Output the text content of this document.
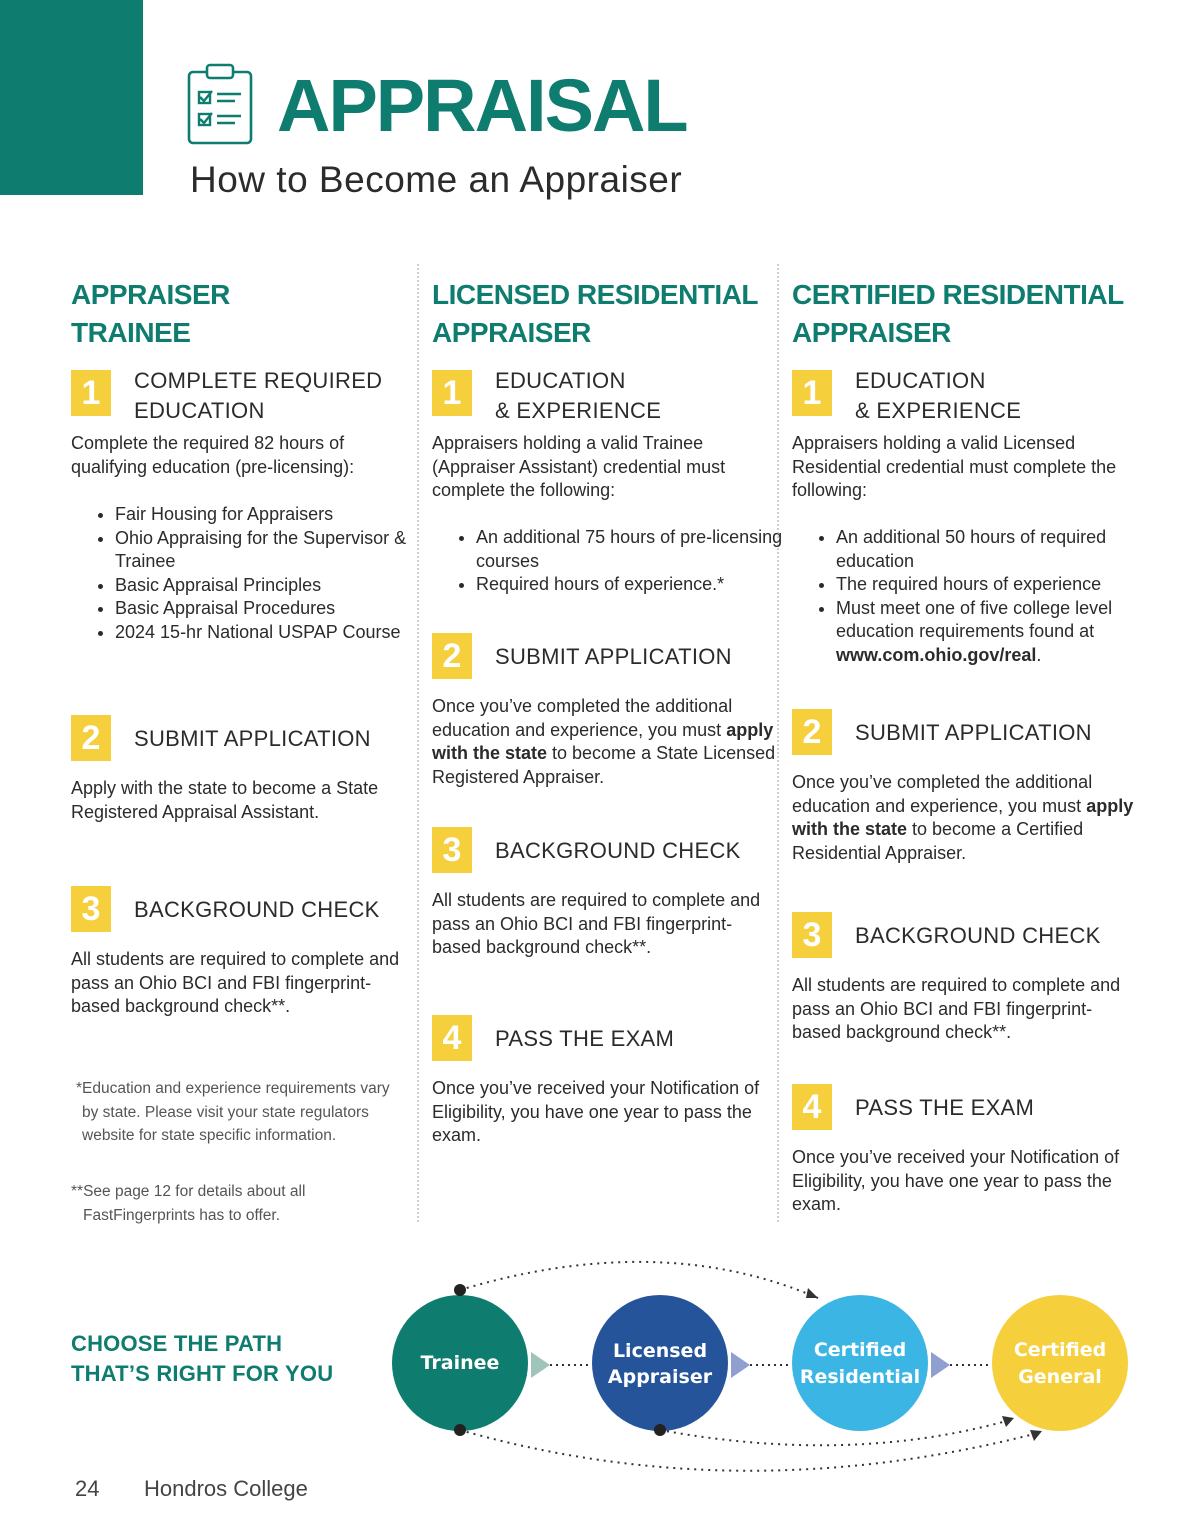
APPRAISAL

How to Become an Appraiser

APPRAISER
TRAINEE
1	COMPLETE REQUIRED
EDUCATION

Complete the required 82 hours of qualifying education (pre-licensing):

• Fair Housing for Appraisers
• Ohio Appraising for the Supervisor & Trainee
• Basic Appraisal Principles
• Basic Appraisal Procedures
• 2024 15-hr National USPAP Course
2	SUBMIT APPLICATION

Apply with the state to become a State Registered Appraisal Assistant.

3	BACKGROUND CHECK

All students are required to complete and pass an Ohio BCI and FBI fingerprint-based background check**.

*Education and experience requirements vary by state. Please visit your state regulators website for state specific information.

**See page 12 for details about all FastFingerprints has to offer.

LICENSED RESIDENTIAL
APPRAISER
1	EDUCATION
& EXPERIENCE

Appraisers holding a valid Trainee (Appraiser Assistant) credential must complete the following:

• An additional 75 hours of pre-licensing courses
• Required hours of experience.*
2	SUBMIT APPLICATION

Once you’ve completed the additional education and experience, you must apply with the state to become a State Licensed Registered Appraiser.

3	BACKGROUND CHECK

All students are required to complete and pass an Ohio BCI and FBI fingerprint-based background check**.

4	PASS THE EXAM

Once you’ve received your Notification of Eligibility, you have one year to pass the exam.

CERTIFIED RESIDENTIAL
APPRAISER
1	EDUCATION
& EXPERIENCE

Appraisers holding a valid Licensed Residential credential must complete the following:

• An additional 50 hours of required education
• The required hours of experience
• Must meet one of five college level education requirements found at www.com.ohio.gov/real.
2	SUBMIT APPLICATION

Once you’ve completed the additional education and experience, you must apply with the state to become a Certified Residential Appraiser.

3	BACKGROUND CHECK

All students are required to complete and pass an Ohio BCI and FBI fingerprint-based background check**.

4	PASS THE EXAM

Once you’ve received your Notification of Eligibility, you have one year to pass the exam.

CHOOSE THE PATH
THAT’S RIGHT FOR YOU	Trainee
Licensed
Appraiser
Certified
Residential
Certified
General

24 Hondros College
